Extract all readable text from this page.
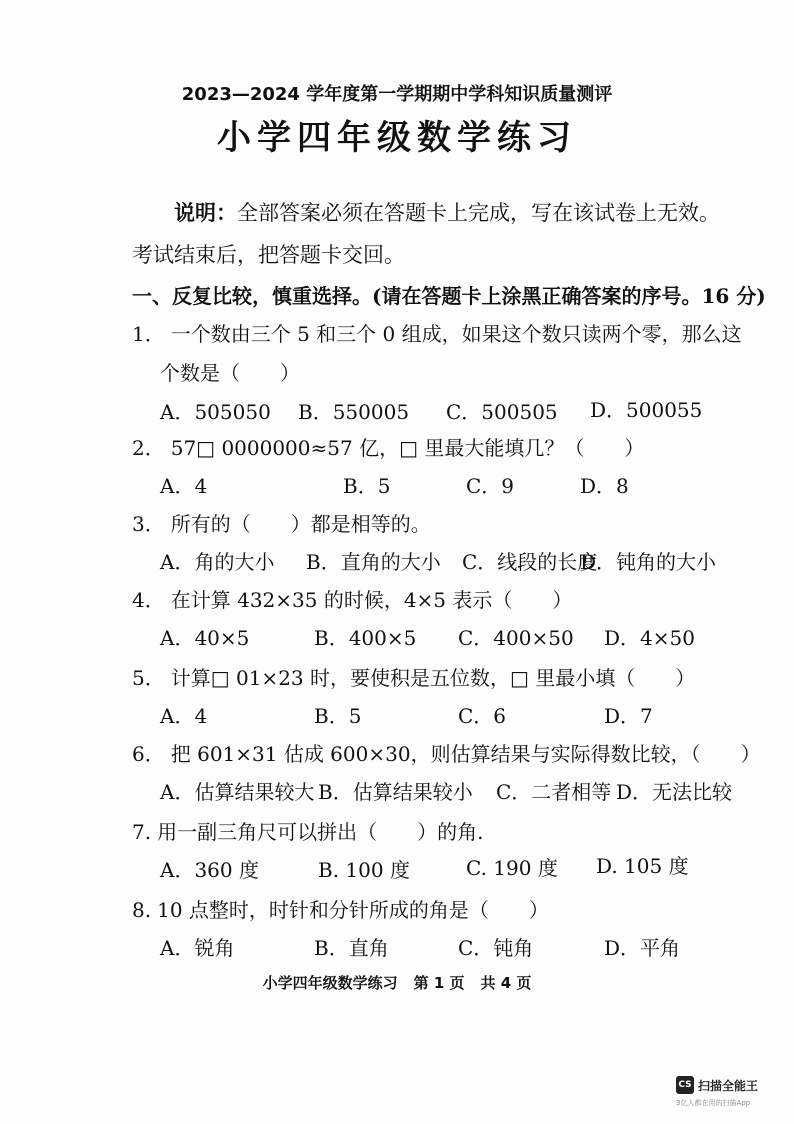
2023—2024 学年度第一学期期中学科知识质量测评
小学四年级数学练习
说明：全部答案必须在答题卡上完成，写在该试卷上无效。考试结束后，把答题卡交回。
一、反复比较，慎重选择。(请在答题卡上涂黑正确答案的序号。16 分)
1． 一个数由三个 5 和三个 0 组成，如果这个数只读两个零，那么这
个数是（　　）
A．505050 B．550005 C．500505 D．500055
2． 57□ 0000000≈57 亿，□ 里最大能填几？（　　）
A．4	B．5	C．9	D．8
3． 所有的（　　）都是相等的。
A．角的大小 B．直角的大小 C．线段的长度
D．钝角的大小
4． 在计算 432×35 的时候，4×5 表示（　　）
A．40×5	B．400×5 C．400×50 D．4×50
5． 计算□ 01×23 时，要使积是五位数，□ 里最小填（　　）
A．4	B．5	C．6	D．7
6． 把 601×31 估成 600×30，则估算结果与实际得数比较，（　　）
A．估算结果较大 B．估算结果较小 C．二者相等 D．无法比较
7. 用一副三角尺可以拼出（　　）的角.
A．360 度	B. 100 度	C. 190 度 D. 105 度
8. 10 点整时，时针和分针所成的角是（　　）
A．锐角	B．直角	C．钝角	D．平角
小学四年级数学练习 第 1 页 共 4 页
CS 扫描全能王
3亿人都在用的扫描App
